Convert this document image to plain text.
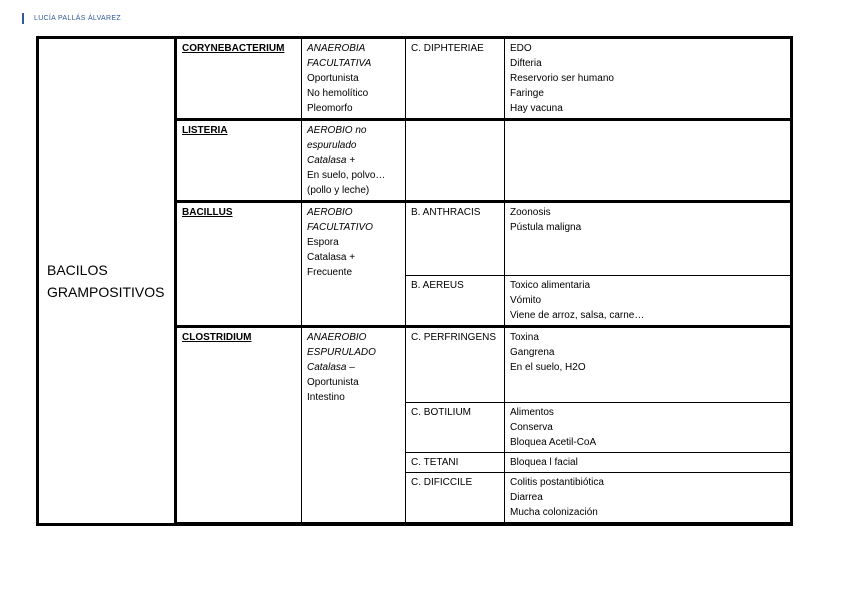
LUCÍA PALLÁS ÁLVAREZ
BACILOS
GRAMPOSITIVOS	CORYNEBACTERIUM	ANAEROBIA
FACULTATIVA
Oportunista
No hemolítico
Pleomorfo	C. DIPHTERIAE	EDO
Difteria
Reservorio ser humano
Faringe
Hay vacuna

	LISTERIA	AEROBIO no
espurulado
Catalasa +
En suelo, polvo…
(pollo y leche)		

	BACILLUS	AEROBIO
FACULTATIVO
Espora
Catalasa +
Frecuente	B. ANTHRACIS	Zoonosis
Pústula maligna

			B. AEREUS	Toxico alimentaria
Vómito
Viene de arroz, salsa, carne…

	CLOSTRIDIUM	ANAEROBIO
ESPURULADO
Catalasa –
Oportunista
Intestino	C. PERFRINGENS	Toxina
Gangrena
En el suelo, H2O

			C. BOTILIUM	Alimentos
Conserva
Bloquea Acetil-CoA

			C. TETANI	Bloquea l facial

			C. DIFICCILE	Colitis postantibiótica
Diarrea
Mucha colonización
